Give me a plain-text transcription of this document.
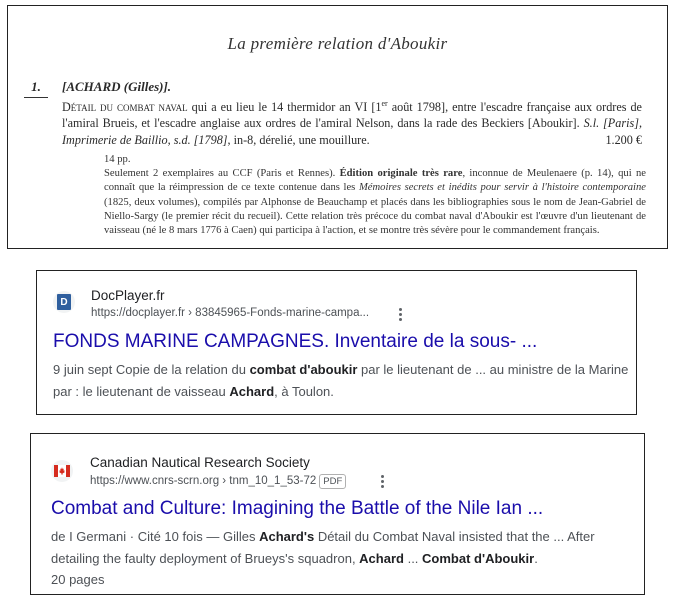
La première relation d'Aboukir
1.	[ACHARD (Gilles)].
Détail du combat naval qui a eu lieu le 14 thermidor an VI [1er août 1798], entre l'escadre française aux ordres de l'amiral Brueis, et l'escadre anglaise aux ordres de l'amiral Nelson, dans la rade des Beckiers [Aboukir]. S.l. [Paris], Imprimerie de Baillio, s.d. [1798], in-8, dérelié, une mouillure.	1.200 €
14 pp.
Seulement 2 exemplaires au CCF (Paris et Rennes). Édition originale très rare, inconnue de Meulenaere (p. 14), qui ne connaît que la réimpression de ce texte contenue dans les Mémoires secrets et inédits pour servir à l'histoire contemporaine (1825, deux volumes), compilés par Alphonse de Beauchamp et placés dans les bibliographies sous le nom de Jean-Gabriel de Niello-Sargy (le premier récit du recueil). Cette relation très précoce du combat naval d'Aboukir est l'œuvre d'un lieutenant de vaisseau (né le 8 mars 1776 à Caen) qui participa à l'action, et se montre très sévère pour le commandement français.
D DocPlayer.fr
https://docplayer.fr › 83845965-Fonds-marine-campa...
FONDS MARINE CAMPAGNES. Inventaire de la sous- ...
9 juin sept Copie de la relation du combat d'aboukir par le lieutenant de ... au ministre de la Marine par : le lieutenant de vaisseau Achard, à Toulon.
Canadian Nautical Research Society
https://www.cnrs-scrn.org › tnm_10_1_53-72 PDF
Combat and Culture: Imagining the Battle of the Nile Ian ...
de I Germani · Cité 10 fois — Gilles Achard's Détail du Combat Naval insisted that the ... After detailing the faulty deployment of Brueys's squadron, Achard ... Combat d'Aboukir.
20 pages
